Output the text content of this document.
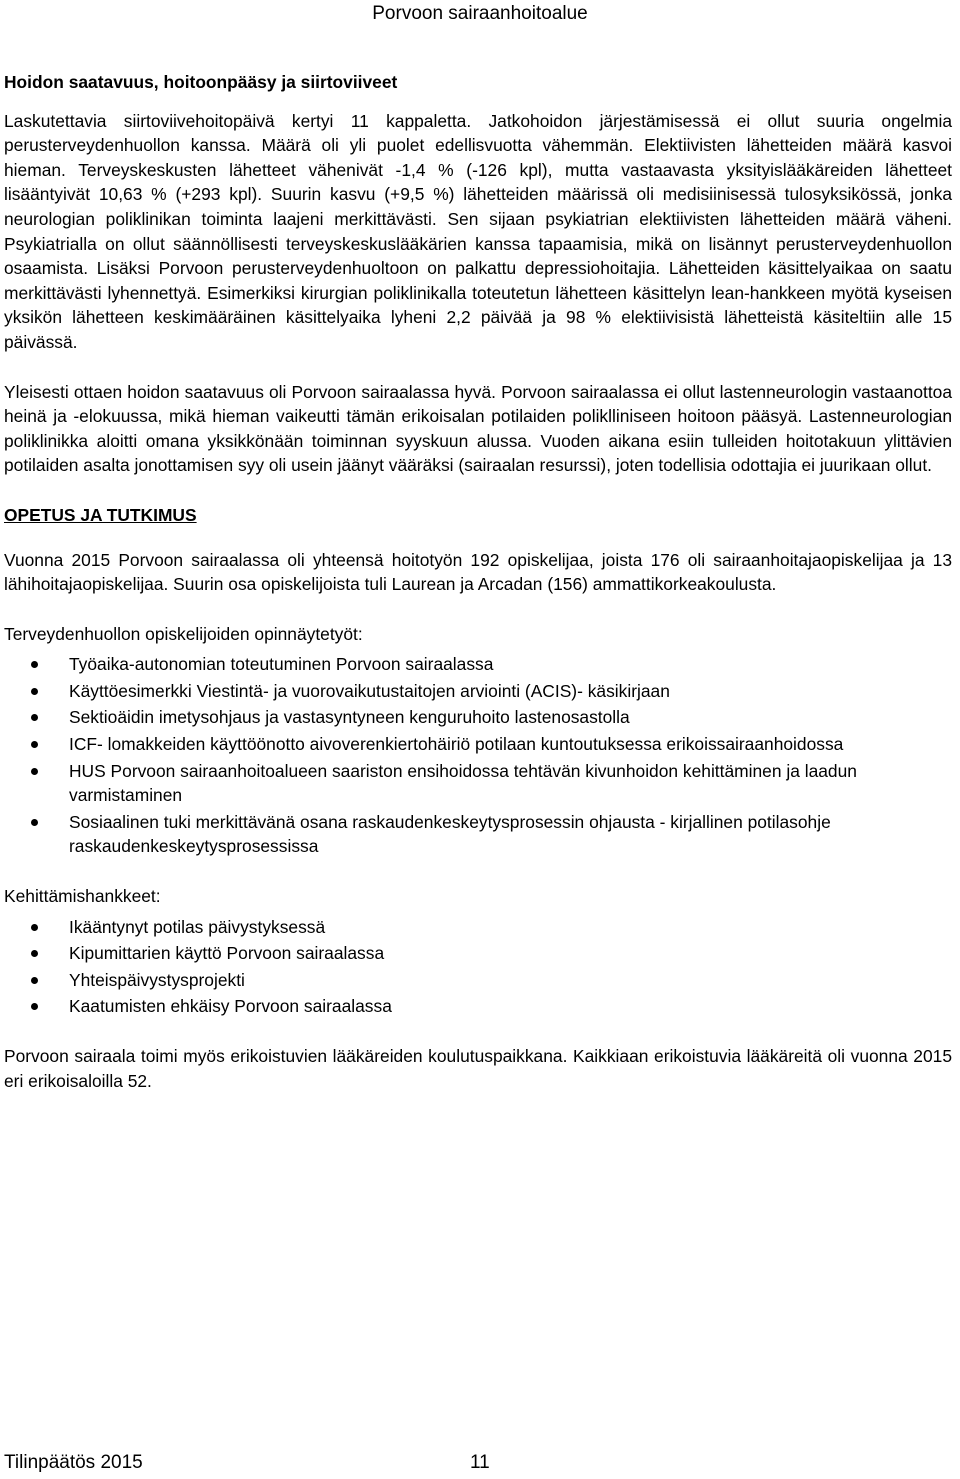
Porvoon sairaanhoitoalue
Hoidon saatavuus, hoitoonpääsy ja siirtoviiveet

Laskutettavia siirtoviivehoitopäivä kertyi 11 kappaletta. Jatkohoidon järjestämisessä ei ollut suuria ongelmia perusterveydenhuollon kanssa. Määrä oli yli puolet edellisvuotta vähemmän. Elektiivisten lähetteiden määrä kasvoi hieman. Terveyskeskusten lähetteet vähenivät -1,4 % (-126 kpl), mutta vastaavasta yksityislääkäreiden lähetteet lisääntyivät 10,63 % (+293 kpl). Suurin kasvu (+9,5 %) lähetteiden määrissä oli medisiinisessä tulosyksikössä, jonka neurologian poliklinikan toiminta laajeni merkittävästi. Sen sijaan psykiatrian elektiivisten lähetteiden määrä väheni. Psykiatrialla on ollut säännöllisesti terveyskeskuslääkärien kanssa tapaamisia, mikä on lisännyt perusterveydenhuollon osaamista. Lisäksi Porvoon perusterveydenhuoltoon on palkattu depressiohoitajia. Lähetteiden käsittelyaikaa on saatu merkittävästi lyhennettyä. Esimerkiksi kirurgian poliklinikalla toteutetun lähetteen käsittelyn lean-hankkeen myötä kyseisen yksikön lähetteen keskimääräinen käsittelyaika lyheni 2,2 päivää ja 98 % elektiivisistä lähetteistä käsiteltiin alle 15 päivässä.

Yleisesti ottaen hoidon saatavuus oli Porvoon sairaalassa hyvä. Porvoon sairaalassa ei ollut lastenneurologin vastaanottoa heinä ja -elokuussa, mikä hieman vaikeutti tämän erikoisalan potilaiden poliklliniseen hoitoon pääsyä. Lastenneurologian poliklinikka aloitti omana yksikkönään toiminnan syyskuun alussa. Vuoden aikana esiin tulleiden hoitotakuun ylittävien potilaiden asalta jonottamisen syy oli usein jäänyt vääräksi (sairaalan resurssi), joten todellisia odottajia ei juurikaan ollut.

OPETUS JA TUTKIMUS

Vuonna 2015 Porvoon sairaalassa oli yhteensä hoitotyön 192 opiskelijaa, joista 176 oli sairaanhoitajaopiskelijaa ja 13 lähihoitajaopiskelijaa. Suurin osa opiskelijoista tuli Laurean ja Arcadan (156) ammattikorkeakoulusta.

Terveydenhuollon opiskelijoiden opinnäytetyöt:

Työaika-autonomian toteutuminen Porvoon sairaalassa
Käyttöesimerkki Viestintä- ja vuorovaikutustaitojen arviointi (ACIS)- käsikirjaan
Sektioäidin imetysohjaus ja vastasyntyneen kenguruhoito lastenosastolla
ICF- lomakkeiden käyttöönotto aivoverenkiertohäiriö potilaan kuntoutuksessa erikoissairaanhoidossa
HUS Porvoon sairaanhoitoalueen saariston ensihoidossa tehtävän kivunhoidon kehittäminen ja laadun varmistaminen
Sosiaalinen tuki merkittävänä osana raskaudenkeskeytysprosessin ohjausta - kirjallinen potilasohje raskaudenkeskeytysprosessissa

Kehittämishankkeet:

Ikääntynyt potilas päivystyksessä
Kipumittarien käyttö Porvoon sairaalassa
Yhteispäivystysprojekti
Kaatumisten ehkäisy Porvoon sairaalassa

Porvoon sairaala toimi myös erikoistuvien lääkäreiden koulutuspaikkana. Kaikkiaan erikoistuvia lääkäreitä oli vuonna 2015 eri erikoisaloilla 52.

Tilinpäätös 2015	11
